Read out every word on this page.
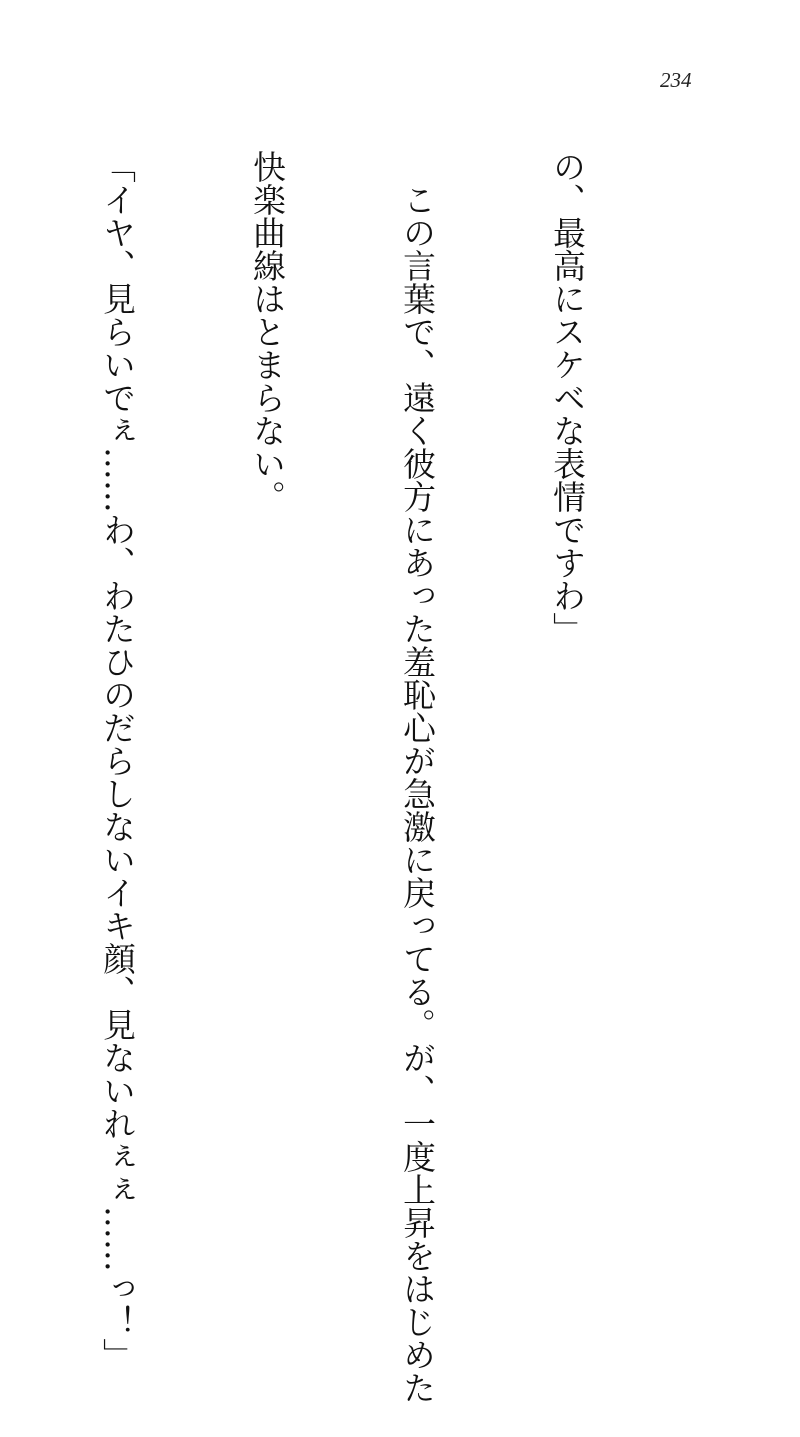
234

の、最高にスケベな表情ですわ」

　この言葉で、遠く彼方にあった羞恥心が急激に戻ってる。が、一度上昇をはじめた

快楽曲線はとまらない。

「イヤ、見らいでぇ……わ、わたひのだらしないイキ顔、見ないれぇぇ……っ！」
